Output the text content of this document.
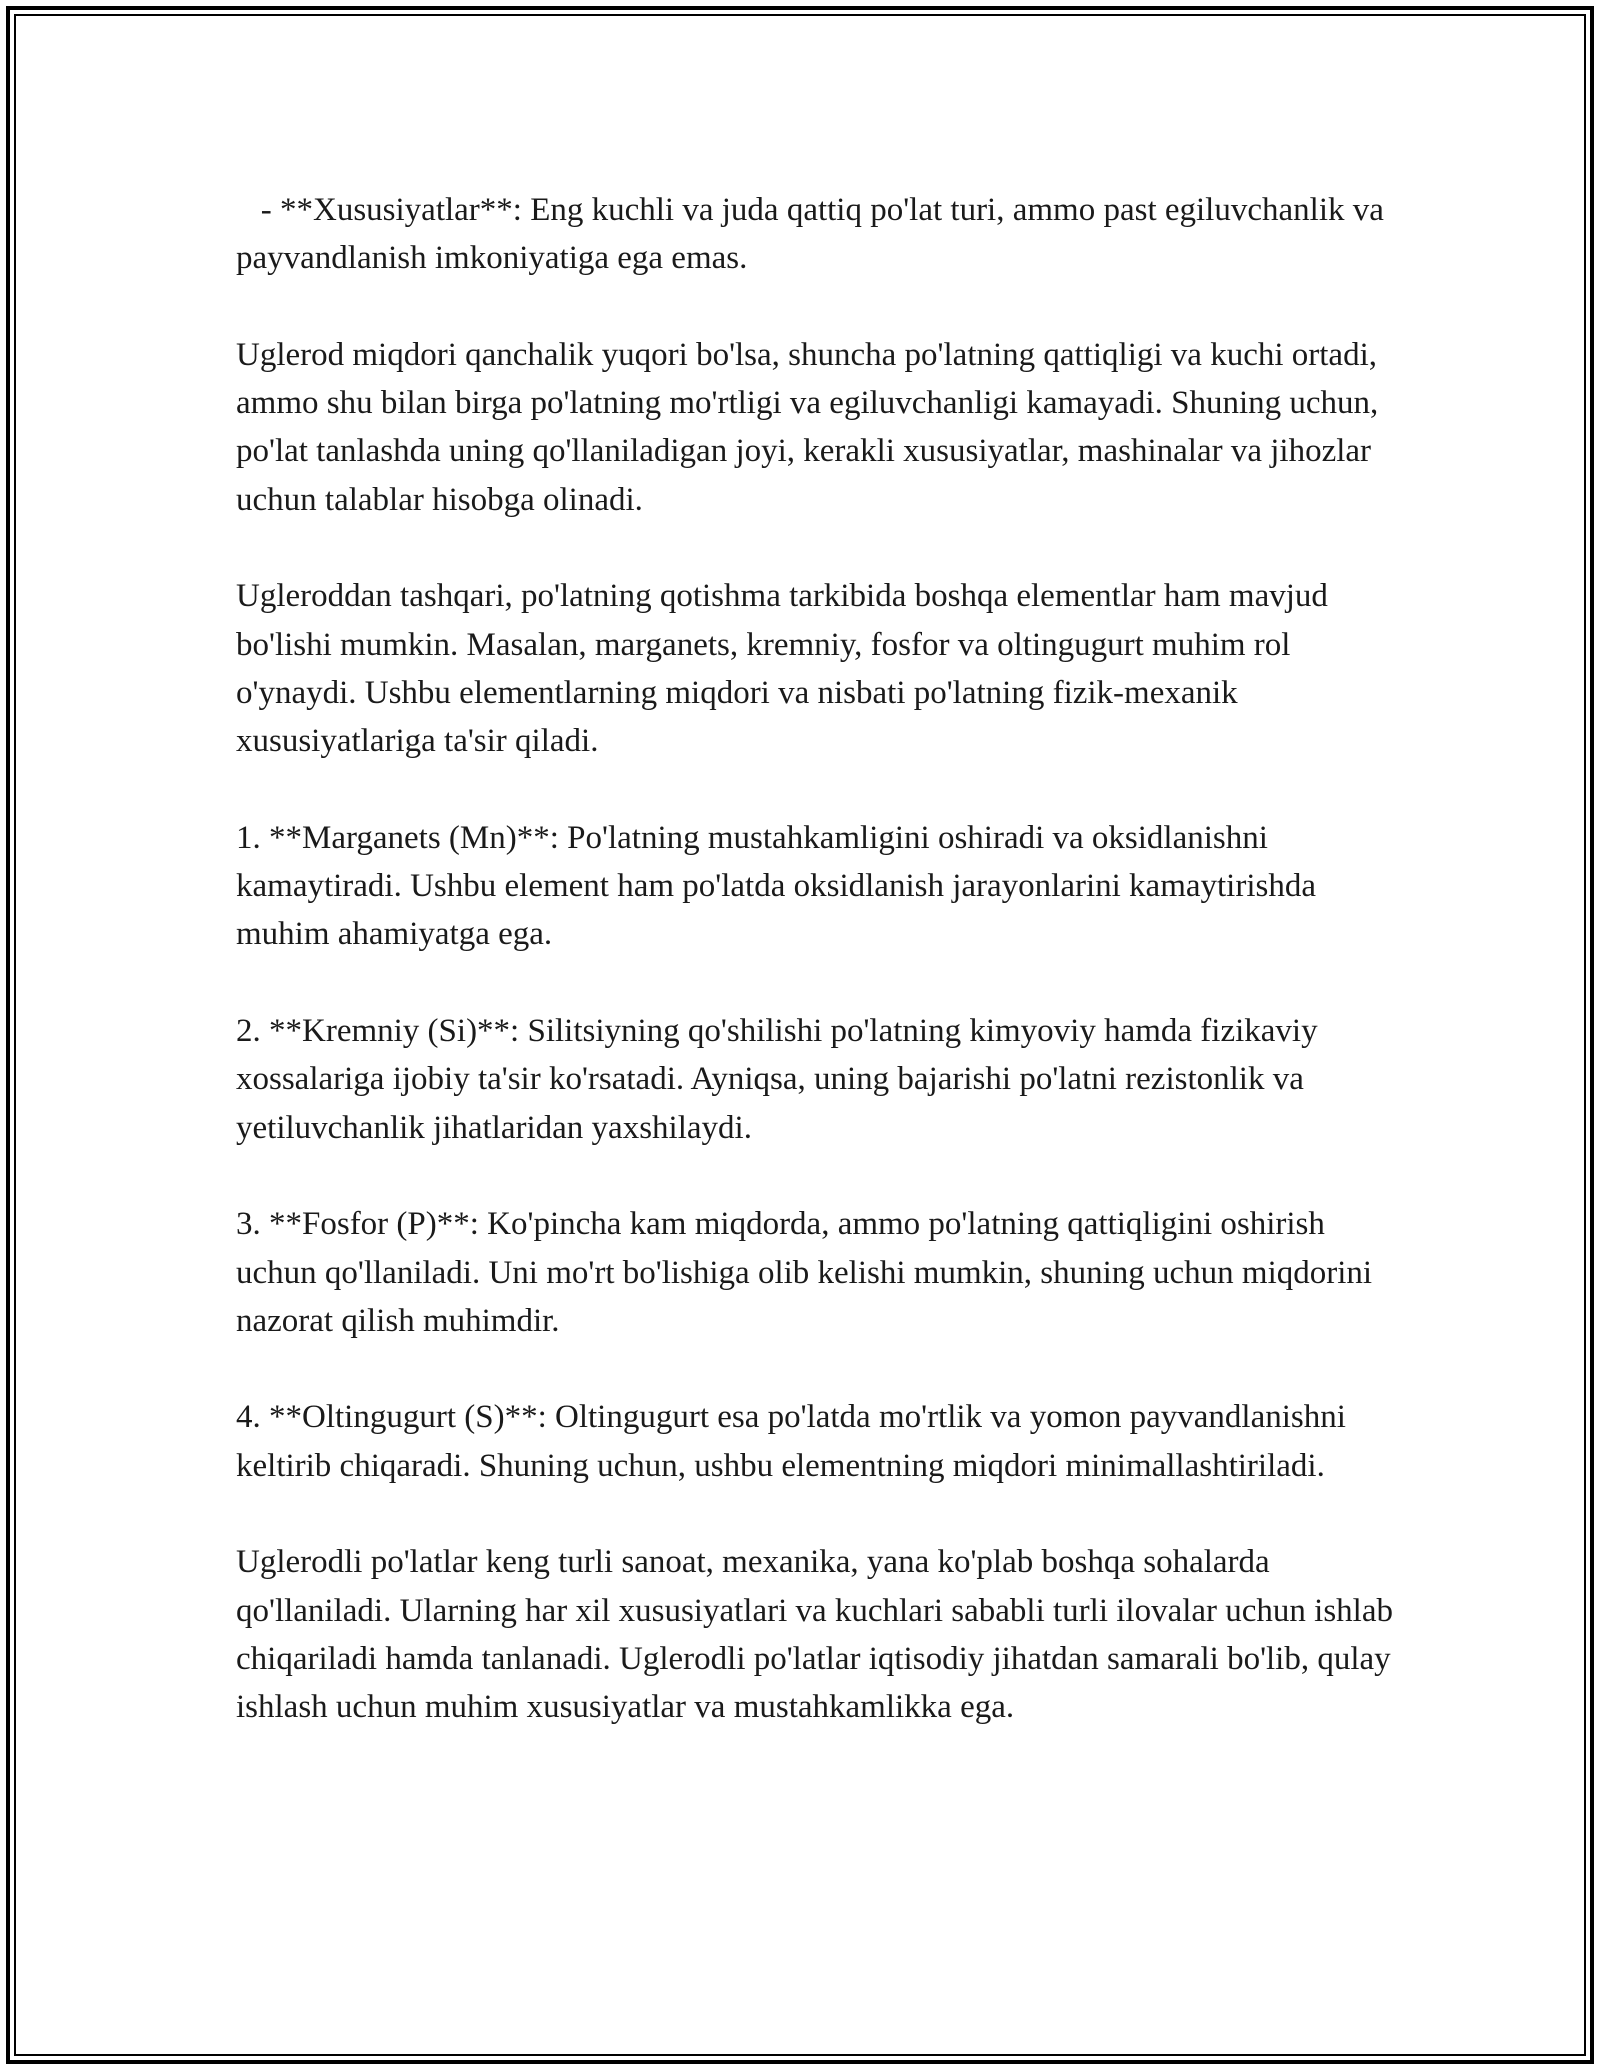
- **Xususiyatlar**: Eng kuchli va juda qattiq po'lat turi, ammo past egiluvchanlik va payvandlanish imkoniyatiga ega emas.

Uglerod miqdori qanchalik yuqori bo'lsa, shuncha po'latning qattiqligi va kuchi ortadi, ammo shu bilan birga po'latning mo'rtligi va egiluvchanligi kamayadi. Shuning uchun, po'lat tanlashda uning qo'llaniladigan joyi, kerakli xususiyatlar, mashinalar va jihozlar uchun talablar hisobga olinadi.

Ugleroddan tashqari, po'latning qotishma tarkibida boshqa elementlar ham mavjud bo'lishi mumkin. Masalan, marganets, kremniy, fosfor va oltingugurt muhim rol o'ynaydi. Ushbu elementlarning miqdori va nisbati po'latning fizik-mexanik xususiyatlariga ta'sir qiladi.

1. **Marganets (Mn)**: Po'latning mustahkamligini oshiradi va oksidlanishni kamaytiradi. Ushbu element ham po'latda oksidlanish jarayonlarini kamaytirishda muhim ahamiyatga ega.

2. **Kremniy (Si)**: Silitsiyning qo'shilishi po'latning kimyoviy hamda fizikaviy xossalariga ijobiy ta'sir ko'rsatadi. Ayniqsa, uning bajarishi po'latni rezistonlik va yetiluvchanlik jihatlaridan yaxshilaydi.

3. **Fosfor (P)**: Ko'pincha kam miqdorda, ammo po'latning qattiqligini oshirish uchun qo'llaniladi. Uni mo'rt bo'lishiga olib kelishi mumkin, shuning uchun miqdorini nazorat qilish muhimdir.

4. **Oltingugurt (S)**: Oltingugurt esa po'latda mo'rtlik va yomon payvandlanishni keltirib chiqaradi. Shuning uchun, ushbu elementning miqdori minimallashtiriladi.

Uglerodli po'latlar keng turli sanoat, mexanika, yana ko'plab boshqa sohalarda qo'llaniladi. Ularning har xil xususiyatlari va kuchlari sababli turli ilovalar uchun ishlab chiqariladi hamda tanlanadi. Uglerodli po'latlar iqtisodiy jihatdan samarali bo'lib, qulay ishlash uchun muhim xususiyatlar va mustahkamlikka ega.
